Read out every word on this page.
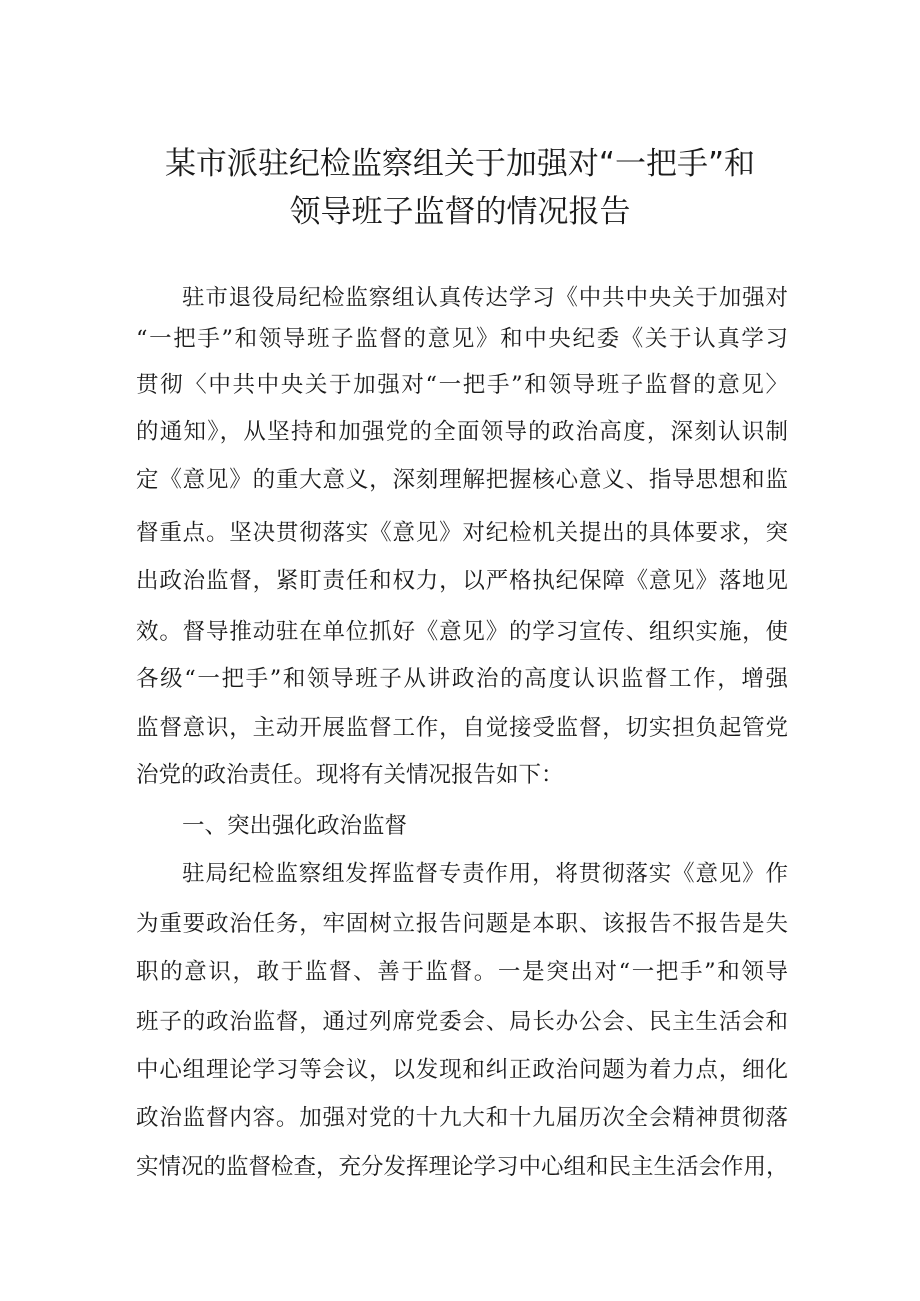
某市派驻纪检监察组关于加强对“一把手”和
领导班子监督的情况报告
驻市退役局纪检监察组认真传达学习《中共中央关于加强对
“一把手”和领导班子监督的意见》和中央纪委《关于认真学习
贯彻〈中共中央关于加强对“一把手”和领导班子监督的意见〉
的通知》，从坚持和加强党的全面领导的政治高度，深刻认识制
定《意见》的重大意义，深刻理解把握核心意义、指导思想和监
督重点。坚决贯彻落实《意见》对纪检机关提出的具体要求，突
出政治监督，紧盯责任和权力，以严格执纪保障《意见》落地见
效。督导推动驻在单位抓好《意见》的学习宣传、组织实施，使
各级“一把手”和领导班子从讲政治的高度认识监督工作，增强
监督意识，主动开展监督工作，自觉接受监督，切实担负起管党
治党的政治责任。现将有关情况报告如下：
一、突出强化政治监督
驻局纪检监察组发挥监督专责作用，将贯彻落实《意见》作
为重要政治任务，牢固树立报告问题是本职、该报告不报告是失
职的意识，敢于监督、善于监督。一是突出对“一把手”和领导
班子的政治监督，通过列席党委会、局长办公会、民主生活会和
中心组理论学习等会议，以发现和纠正政治问题为着力点，细化
政治监督内容。加强对党的十九大和十九届历次全会精神贯彻落
实情况的监督检查，充分发挥理论学习中心组和民主生活会作用，
